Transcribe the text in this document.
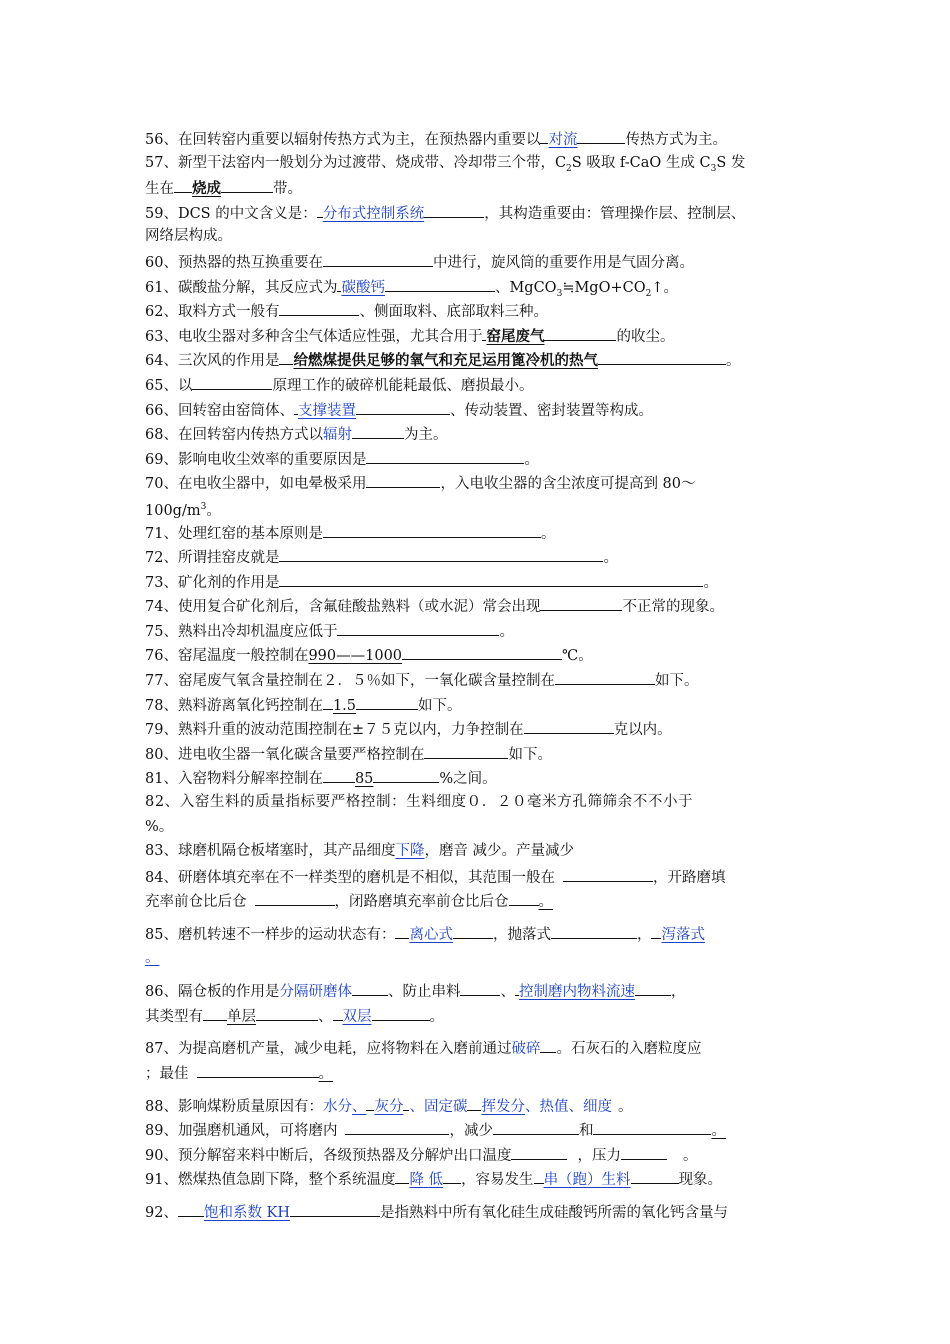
56、在回转窑内重要以辐射传热方式为主，在预热器内重要以 对流	传热方式为主。
57、新型干法窑内一般划分为过渡带、烧成带、冷却带三个带，$C_2S$ 吸取 f-CaO 生成 $C_3S$ 发
生在 烧成	带。
59、DCS 的中文含义是： 分布式控制系统	，其构造重要由：管理操作层、控制层、
网络层构成。
60、预热器的热互换重要在	中进行，旋风筒的重要作用是气固分离。
61、碳酸盐分解，其反应式为 碳酸钙	、$MgCO_3≒MgO+CO_2↑$。
62、取料方式一般有	、侧面取料、底部取料三种。
63、电收尘器对多种含尘气体适应性强，尤其合用于 窑尾废气	的收尘。
64、三次风的作用是 给燃煤提供足够的氧气和充足运用篦冷机的热气	。
65、以	原理工作的破碎机能耗最低、磨损最小。
66、回转窑由窑筒体、 支撑装置	、传动装置、密封装置等构成。
68、在回转窑内传热方式以辐射	为主。
69、影响电收尘效率的重要原因是	。
70、在电收尘器中，如电晕极采用	，入电收尘器的含尘浓度可提高到 80～
$100g/m^3$。
71、处理红窑的基本原则是	。
72、所谓挂窑皮就是	。
73、矿化剂的作用是	。
74、使用复合矿化剂后，含氟硅酸盐熟料（或水泥）常会出现	不正常的现象。
75、熟料出冷却机温度应低于	。
76、窑尾温度一般控制在990——1000	℃。
77、窑尾废气氧含量控制在２．５％如下，一氧化碳含量控制在	如下。
78、熟料游离氧化钙控制在 1.5	如下。
79、熟料升重的波动范围控制在±７５克以内，力争控制在	克以内。
80、进电收尘器一氧化碳含量要严格控制在	如下。
81、入窑物料分解率控制在 85	%之间。
82、入窑生料的质量指标要严格控制：生料细度０．２０毫米方孔筛筛余不不小于
%。
83、球磨机隔仓板堵塞时，其产品细度下降，磨音 减少。产量减少
84、研磨体填充率在不一样类型的磨机是不相似，其范围一般在	，开路磨填
充率前仓比后仓	，闭路磨填充率前仓比后仓 。
85、磨机转速不一样步的运动状态有： 离心式	，抛落式	， 泻落式
。
86、隔仓板的作用是分隔研磨体 、防止串料	、 控制磨内物料流速 ，
其类型有 单层	、 双层	。
87、为提高磨机产量，减少电耗，应将物料在入磨前通过破碎 。石灰石的入磨粒度应
；最佳	。
88、影响煤粉质量原因有：水分、 灰分 、固定碳 挥发分、热值、细度 。
89、加强磨机通风，可将磨内	，减少	和	。
90、预分解窑来料中断后，各级预热器及分解炉出口温度	，压力	。
91、燃煤热值急剧下降，整个系统温度 降 低 ，容易发生 串（跑）生料	现象。
92、 饱和系数 KH	是指熟料中所有氧化硅生成硅酸钙所需的氧化钙含量与
